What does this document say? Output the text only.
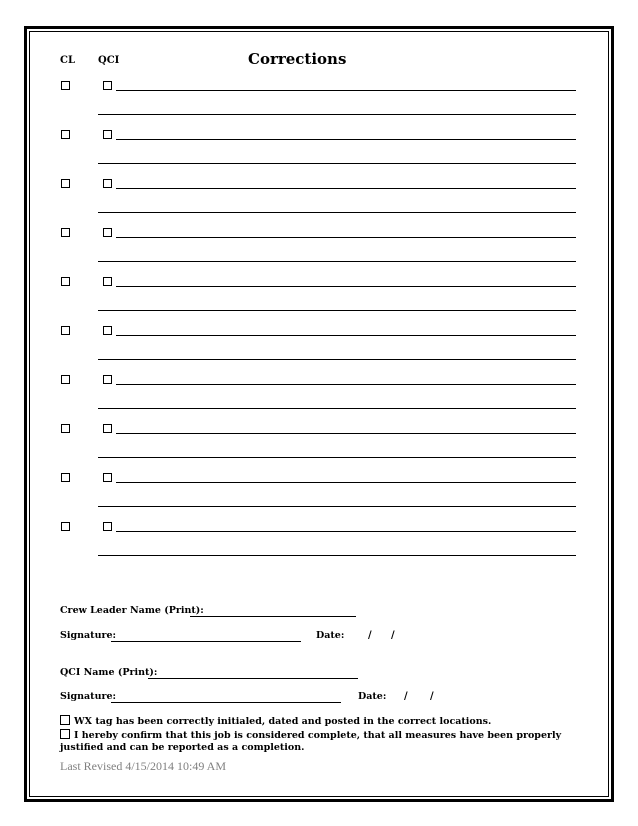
CL QCI	Corrections
Crew Leader Name (Print):
Signature:	Date: / /
QCI Name (Print):
Signature:	Date: / /
WX tag has been correctly initialed, dated and posted in the correct locations.
I hereby confirm that this job is considered complete, that all measures have been properly justified and can be reported as a completion.
Last Revised 4/15/2014 10:49 AM
